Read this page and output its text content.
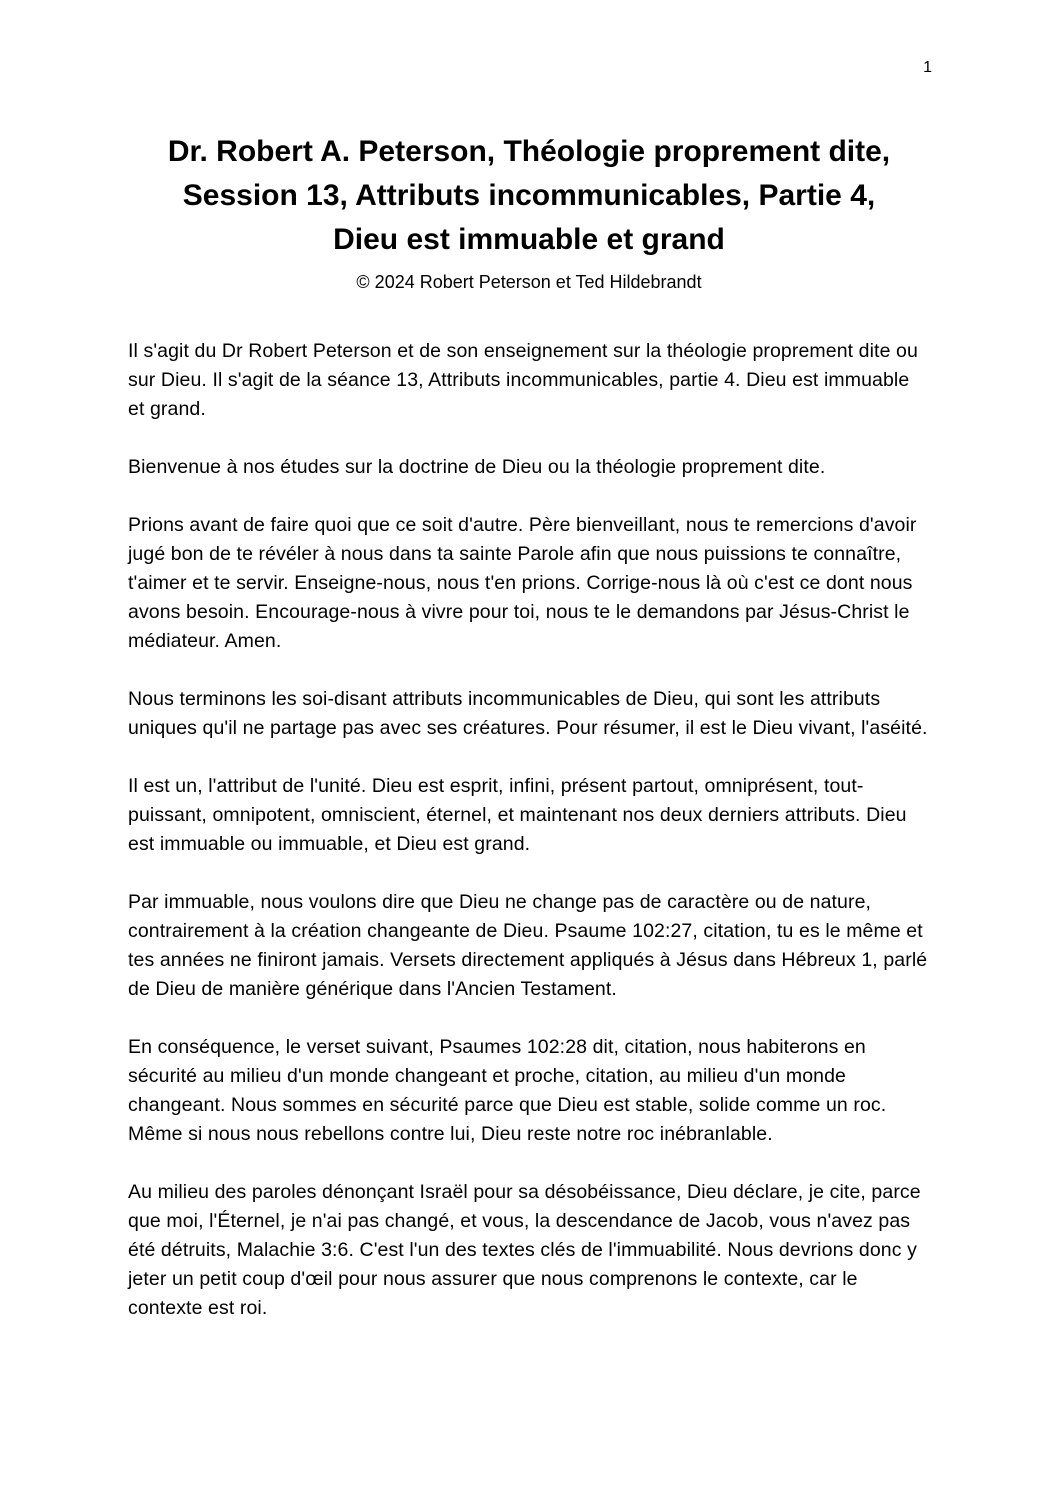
1
Dr. Robert A. Peterson, Théologie proprement dite,
Session 13, Attributs incommunicables, Partie 4,
Dieu est immuable et grand
© 2024 Robert Peterson et Ted Hildebrandt

Il s'agit du Dr Robert Peterson et de son enseignement sur la théologie proprement dite ou sur Dieu. Il s'agit de la séance 13, Attributs incommunicables, partie 4. Dieu est immuable et grand.

Bienvenue à nos études sur la doctrine de Dieu ou la théologie proprement dite.

Prions avant de faire quoi que ce soit d'autre. Père bienveillant, nous te remercions d'avoir jugé bon de te révéler à nous dans ta sainte Parole afin que nous puissions te connaître, t'aimer et te servir. Enseigne-nous, nous t'en prions. Corrige-nous là où c'est ce dont nous avons besoin. Encourage-nous à vivre pour toi, nous te le demandons par Jésus-Christ le médiateur. Amen.

Nous terminons les soi-disant attributs incommunicables de Dieu, qui sont les attributs uniques qu'il ne partage pas avec ses créatures. Pour résumer, il est le Dieu vivant, l'aséité.

Il est un, l'attribut de l'unité. Dieu est esprit, infini, présent partout, omniprésent, tout-puissant, omnipotent, omniscient, éternel, et maintenant nos deux derniers attributs. Dieu est immuable ou immuable, et Dieu est grand.

Par immuable, nous voulons dire que Dieu ne change pas de caractère ou de nature, contrairement à la création changeante de Dieu. Psaume 102:27, citation, tu es le même et tes années ne finiront jamais. Versets directement appliqués à Jésus dans Hébreux 1, parlé de Dieu de manière générique dans l'Ancien Testament.

En conséquence, le verset suivant, Psaumes 102:28 dit, citation, nous habiterons en sécurité au milieu d'un monde changeant et proche, citation, au milieu d'un monde changeant. Nous sommes en sécurité parce que Dieu est stable, solide comme un roc. Même si nous nous rebellons contre lui, Dieu reste notre roc inébranlable.

Au milieu des paroles dénonçant Israël pour sa désobéissance, Dieu déclare, je cite, parce que moi, l'Éternel, je n'ai pas changé, et vous, la descendance de Jacob, vous n'avez pas été détruits, Malachie 3:6. C'est l'un des textes clés de l'immuabilité. Nous devrions donc y jeter un petit coup d'œil pour nous assurer que nous comprenons le contexte, car le contexte est roi.
